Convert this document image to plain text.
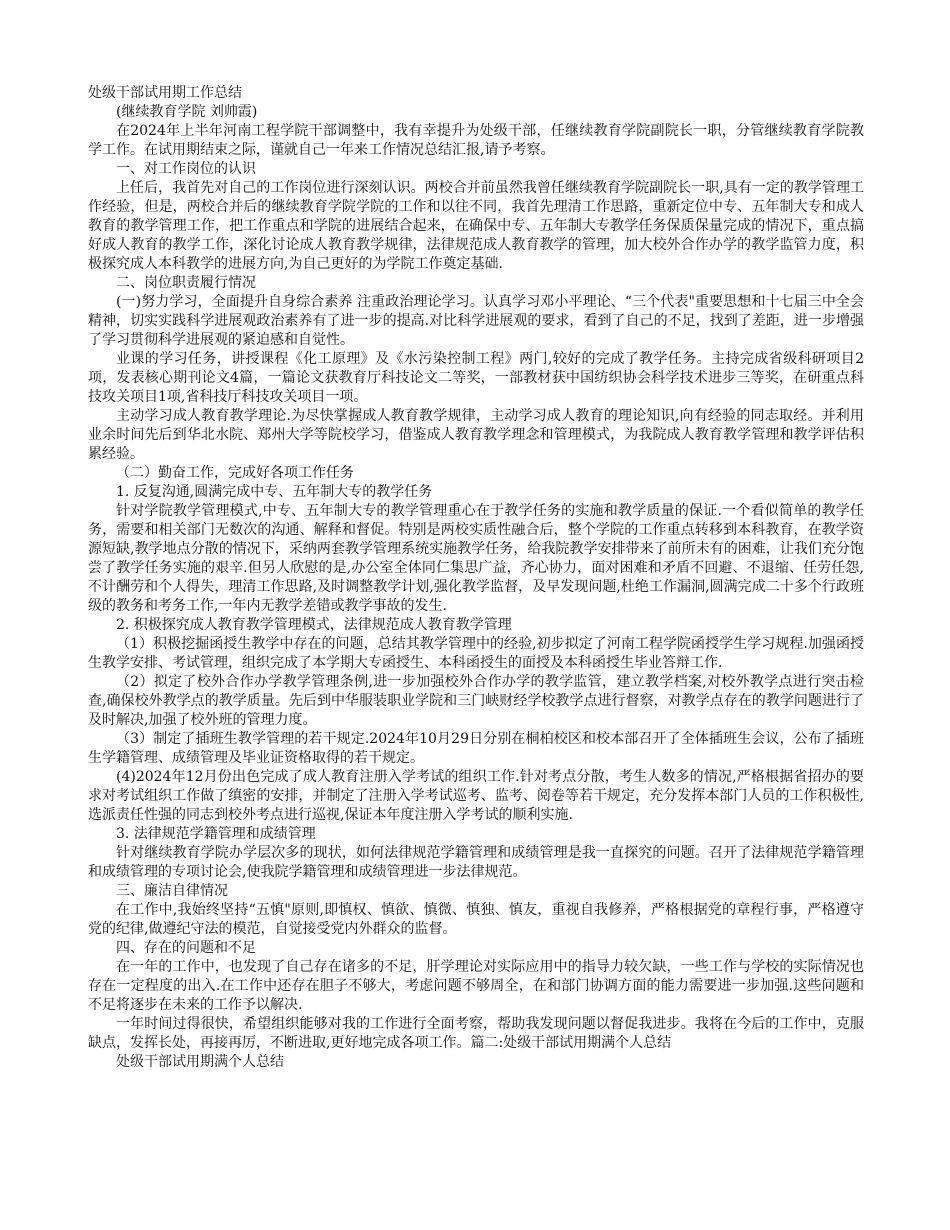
处级干部试用期工作总结

(继续教育学院 刘帅霞)

在2024年上半年河南工程学院干部调整中，我有幸提升为处级干部，任继续教育学院副院长一职，分管继续教育学院教学工作。在试用期结束之际，谨就自己一年来工作情况总结汇报,请予考察。

一、对工作岗位的认识

上任后，我首先对自己的工作岗位进行深刻认识。两校合并前虽然我曾任继续教育学院副院长一职,具有一定的教学管理工作经验，但是，两校合并后的继续教育学院学院的工作和以往不同，我首先理清工作思路，重新定位中专、五年制大专和成人教育的教学管理工作，把工作重点和学院的进展结合起来，在确保中专、五年制大专教学任务保质保量完成的情况下，重点搞好成人教育的教学工作，深化讨论成人教育教学规律，法律规范成人教育教学的管理，加大校外合作办学的教学监管力度，积极探究成人本科教学的进展方向,为自己更好的为学院工作奠定基础.

二、岗位职责履行情况

(一)努力学习，全面提升自身综合素养 注重政治理论学习。认真学习邓小平理论、“三个代表"重要思想和十七届三中全会精神，切实实践科学进展观政治素养有了进一步的提高.对比科学进展观的要求，看到了自己的不足，找到了差距，进一步增强了学习贯彻科学进展观的紧迫感和自觉性。

业课的学习任务，讲授课程《化工原理》及《水污染控制工程》两门,较好的完成了教学任务。主持完成省级科研项目2项，发表核心期刊论文4篇，一篇论文获教育厅科技论文二等奖，一部教材获中国纺织协会科学技术进步三等奖，在研重点科技攻关项目1项,省科技厅科技攻关项目一项。

主动学习成人教育教学理论.为尽快掌握成人教育教学规律，主动学习成人教育的理论知识,向有经验的同志取经。并利用业余时间先后到华北水院、郑州大学等院校学习，借鉴成人教育教学理念和管理模式，为我院成人教育教学管理和教学评估积累经验。

（二）勤奋工作，完成好各项工作任务

1. 反复沟通,圆满完成中专、五年制大专的教学任务

针对学院教学管理模式,中专、五年制大专的教学管理重心在于教学任务的实施和教学质量的保证.一个看似简单的教学任务，需要和相关部门无数次的沟通、解释和督促。特别是两校实质性融合后，整个学院的工作重点转移到本科教育，在教学资源短缺,教学地点分散的情况下，采纳两套教学管理系统实施教学任务，给我院教学安排带来了前所未有的困难，让我们充分饱尝了教学任务实施的艰辛.但另人欣慰的是,办公室全体同仁集思广益，齐心协力，面对困难和矛盾不回避、不退缩、任劳任怨,不计酬劳和个人得失，理清工作思路,及时调整教学计划,强化教学监督，及早发现问题,杜绝工作漏洞,圆满完成二十多个行政班级的教务和考务工作,一年内无教学差错或教学事故的发生.

2. 积极探究成人教育教学管理模式，法律规范成人教育教学管理

（1）积极挖掘函授生教学中存在的问题，总结其教学管理中的经验,初步拟定了河南工程学院函授学生学习规程.加强函授生教学安排、考试管理，组织完成了本学期大专函授生、本科函授生的面授及本科函授生毕业答辩工作.

（2）拟定了校外合作办学教学管理条例,进一步加强校外合作办学的教学监管，建立教学档案,对校外教学点进行突击检查,确保校外教学点的教学质量。先后到中华服装职业学院和三门峡财经学校教学点进行督察，对教学点存在的教学问题进行了及时解决,加强了校外班的管理力度。

（3）制定了插班生教学管理的若干规定.2024年10月29日分别在桐柏校区和校本部召开了全体插班生会议，公布了插班生学籍管理、成绩管理及毕业证资格取得的若干规定。

(4)2024年12月份出色完成了成人教育注册入学考试的组织工作.针对考点分散，考生人数多的情况,严格根据省招办的要求对考试组织工作做了缜密的安排，并制定了注册入学考试巡考、监考、阅卷等若干规定，充分发挥本部门人员的工作积极性,选派责任性强的同志到校外考点进行巡视,保证本年度注册入学考试的顺利实施.

3. 法律规范学籍管理和成绩管理

针对继续教育学院办学层次多的现状，如何法律规范学籍管理和成绩管理是我一直探究的问题。召开了法律规范学籍管理和成绩管理的专项讨论会,使我院学籍管理和成绩管理进一步法律规范。

三、廉洁自律情况

在工作中,我始终坚持“五慎"原则,即慎权、慎欲、慎微、慎独、慎友，重视自我修养，严格根据党的章程行事，严格遵守党的纪律,做遵纪守法的模范，自觉接受党内外群众的监督。

四、存在的问题和不足

在一年的工作中，也发现了自己存在诸多的不足，肝学理论对实际应用中的指导力较欠缺，一些工作与学校的实际情况也存在一定程度的出入.在工作中还存在胆子不够大，考虑问题不够周全，在和部门协调方面的能力需要进一步加强.这些问题和不足将逐步在未来的工作予以解决.

一年时间过得很快，希望组织能够对我的工作进行全面考察，帮助我发现问题以督促我进步。我将在今后的工作中，克服缺点，发挥长处，再接再厉，不断进取,更好地完成各项工作。篇二:处级干部试用期满个人总结

处级干部试用期满个人总结
